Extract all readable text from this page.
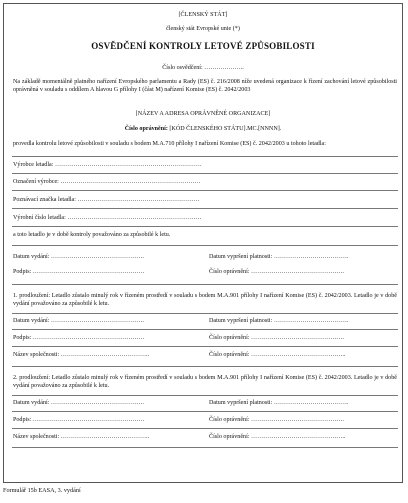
[ČLENSKÝ STÁT]
členský stát Evropské unie (*)
OSVĚDČENÍ KONTROLY LETOVÉ ZPŮSOBILOSTI
Číslo osvědčení: ………………..
Na základě momentálně platného nařízení Evropského parlamentu a Rady (ES) č. 216/2008 níže uvedená organizace k řízení zachování letové způsobilosti oprávněná v souladu s oddílem A hlavou G přílohy I (část M) nařízení Komise (ES) č. 2042/2003
[NÁZEV A ADRESA OPRÁVNĚNÉ ORGANIZACE]
Číslo oprávnění: [KÓD ČLENSKÉHO STÁTU].MC.[NNNN].
provedla kontrolu letové způsobilosti v souladu s bodem M.A.710 přílohy I nařízení Komise (ES) č. 2042/2003 u tohoto letadla:
Výrobce letadla: ………………………………………………………………
Označení výrobce: ……………………………………………………………
Poznávací značka letadla: ……………………………………………………
Výrobní číslo letadla: …………………………………………………………
a toto letadlo je v době kontroly považováno za způsobilé k letu.
Datum vydání: ……………………………………….	Datum vypršení platnosti: ……………………………….
Podpis: ……………………………………………….	Číslo oprávnění: ……………………………………….
1. prodloužení: Letadlo zůstalo minulý rok v řízeném prostředí v souladu s bodem M.A.901 přílohy I nařízení Komise (ES) č. 2042/2003. Letadlo je v době vydání považováno za způsobilé k letu.
Datum vydání: ……………………………………….	Datum vypršení platnosti: ……………………………….
Podpis: ……………………………………………….	Číslo oprávnění: ……………………………………….
Název společnosti: ……………………………………..	Číslo oprávnění: ………………………………………..
2. prodloužení: Letadlo zůstalo minulý rok v řízeném prostředí v souladu s bodem M.A.901 přílohy I nařízení Komise (ES) č. 2042/2003. Letadlo je v době vydání považováno za způsobilé k letu.
Datum vydání: ……………………………………….	Datum vypršení platnosti: ……………………………….
Podpis: ……………………………………………….	Číslo oprávnění: ……………………………………….
Název společnosti: ……………………………………..	Číslo oprávnění: ………………………………………..
Formulář 15b EASA, 3. vydání
